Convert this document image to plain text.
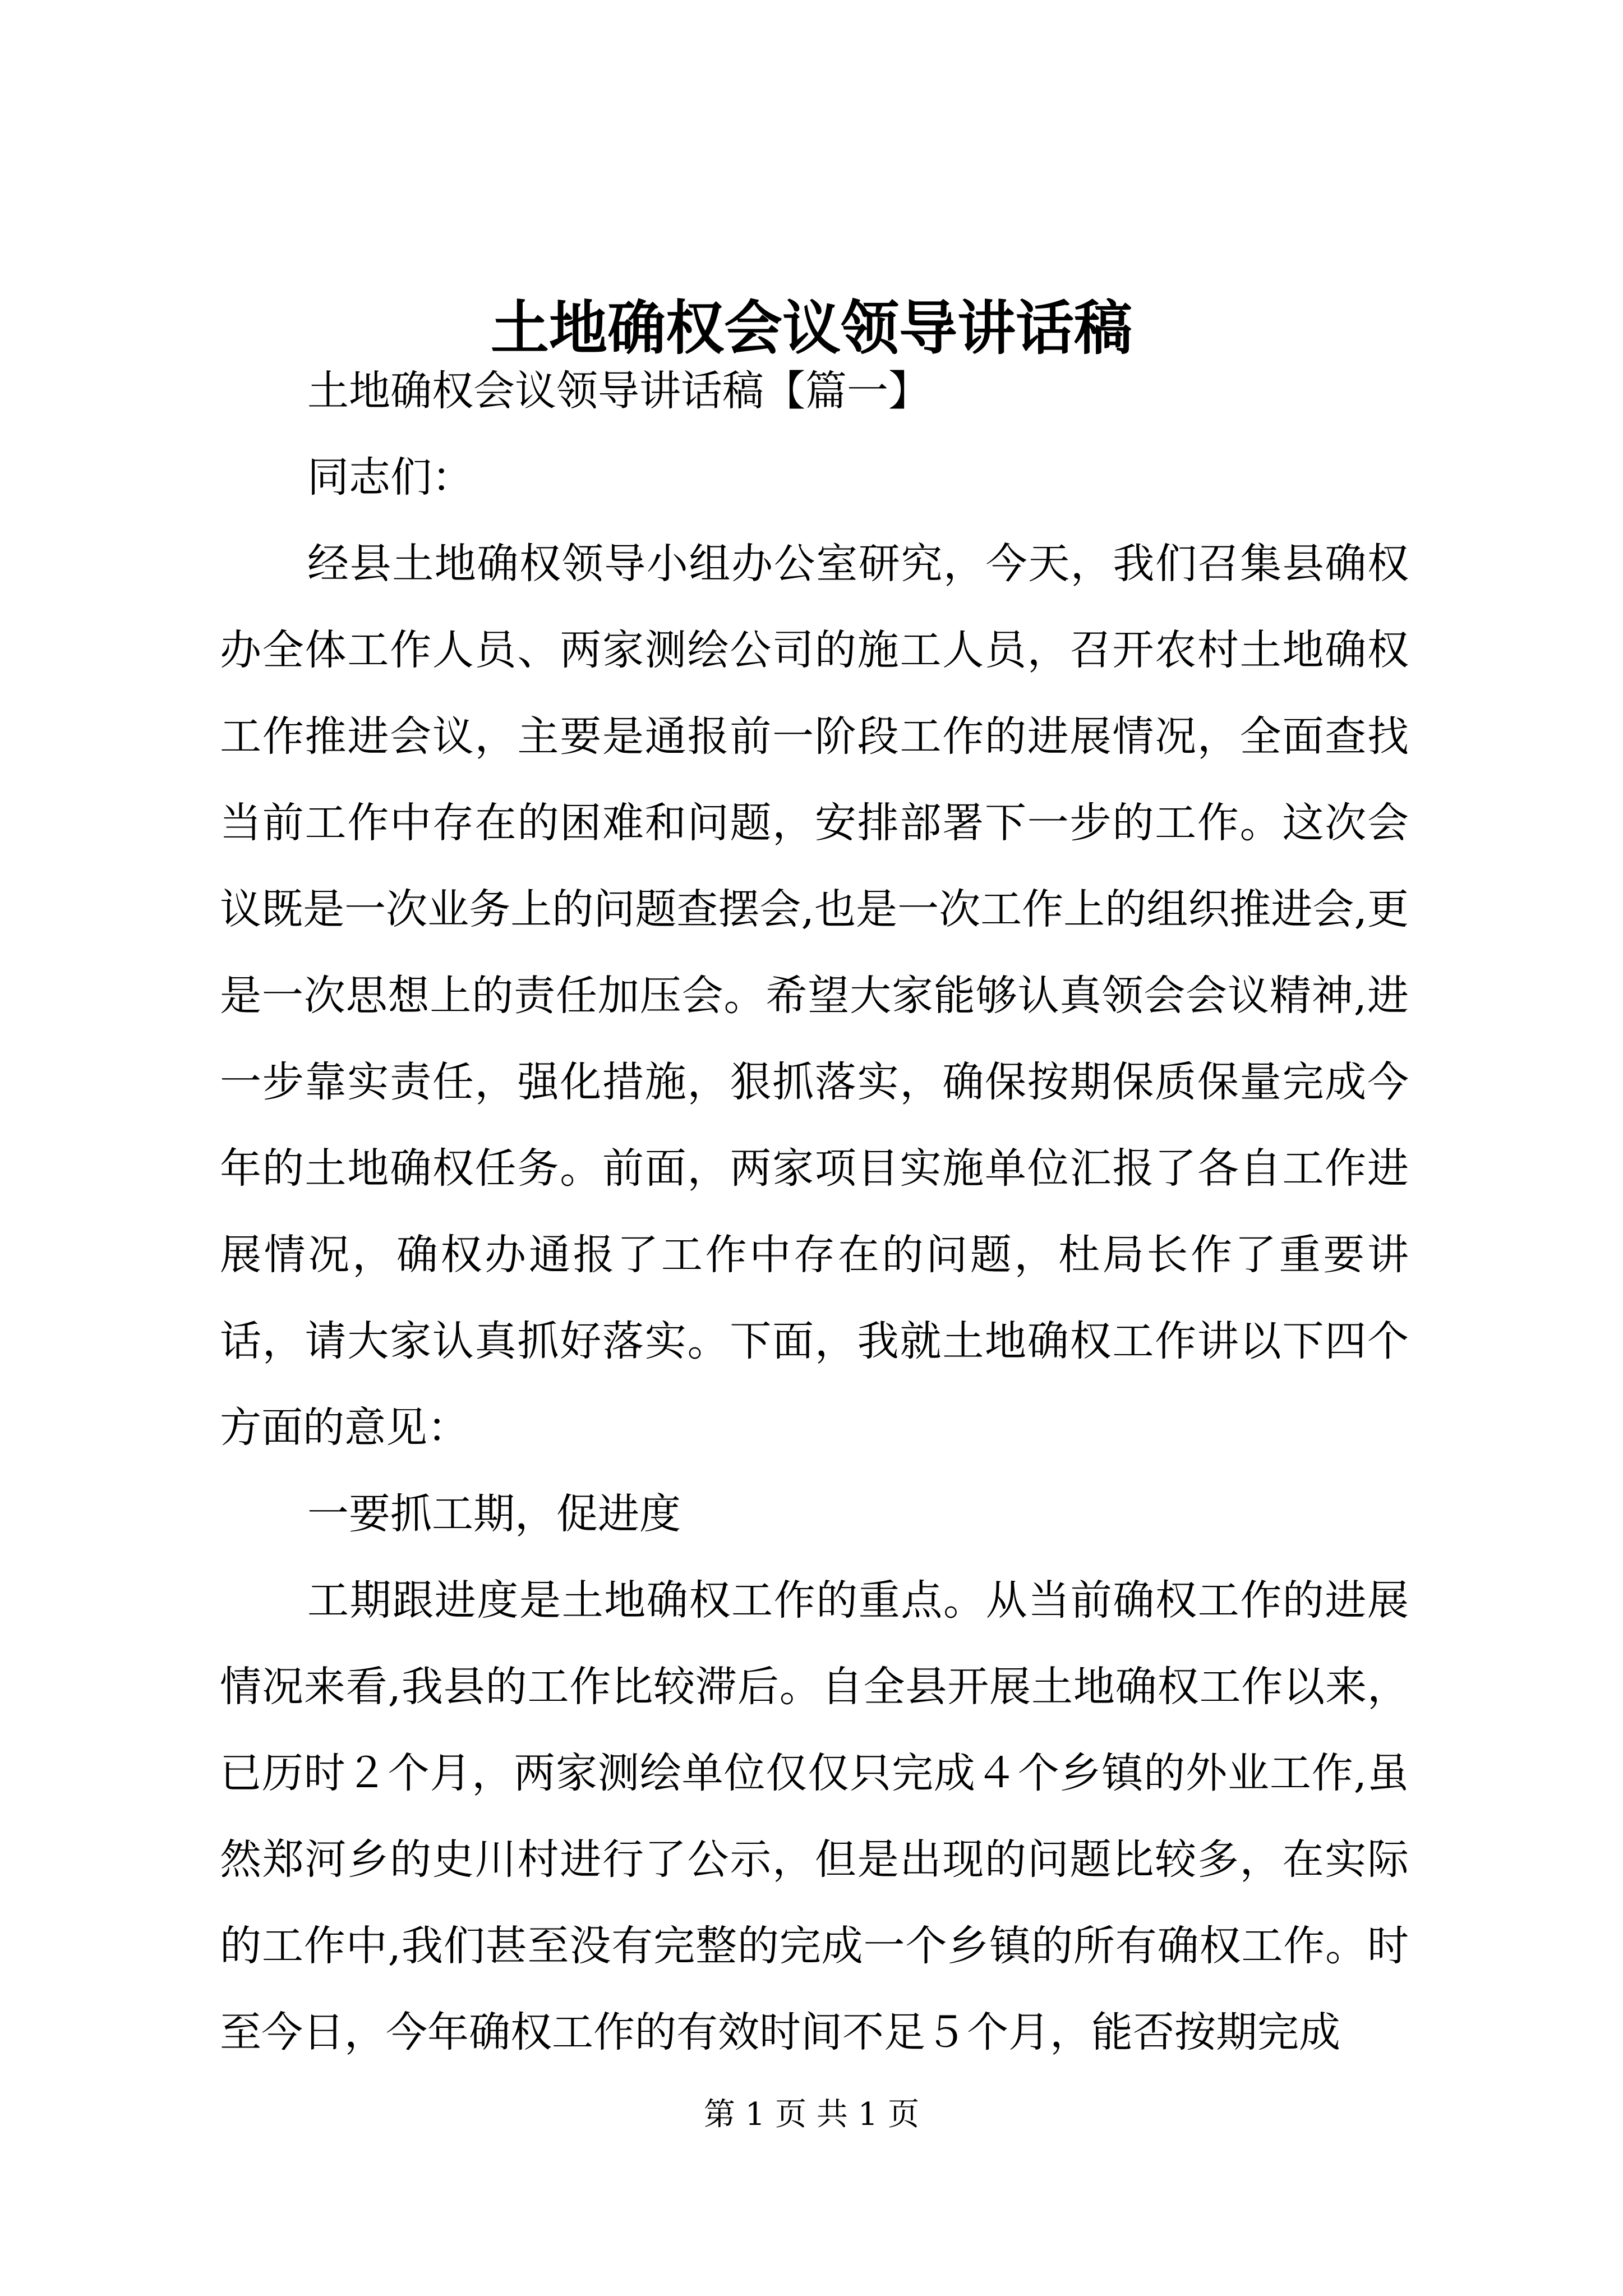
土地确权会议领导讲话稿

土地确权会议领导讲话稿【篇一】

同志们：

经县土地确权领导小组办公室研究，今天，我们召集县确权办全体工作人员、两家测绘公司的施工人员，召开农村土地确权工作推进会议，主要是通报前一阶段工作的进展情况，全面查找当前工作中存在的困难和问题，安排部署下一步的工作。这次会议既是一次业务上的问题查摆会,也是一次工作上的组织推进会,更是一次思想上的责任加压会。希望大家能够认真领会会议精神,进一步靠实责任，强化措施，狠抓落实，确保按期保质保量完成今年的土地确权任务。前面，两家项目实施单位汇报了各自工作进展情况，确权办通报了工作中存在的问题，杜局长作了重要讲话，请大家认真抓好落实。下面，我就土地确权工作讲以下四个方面的意见：

一要抓工期，促进度

工期跟进度是土地确权工作的重点。从当前确权工作的进展情况来看,我县的工作比较滞后。自全县开展土地确权工作以来，已历时２个月，两家测绘单位仅仅只完成４个乡镇的外业工作,虽然郑河乡的史川村进行了公示，但是出现的问题比较多，在实际的工作中,我们甚至没有完整的完成一个乡镇的所有确权工作。时至今日，今年确权工作的有效时间不足５个月，能否按期完成

第 1 页 共 1 页
